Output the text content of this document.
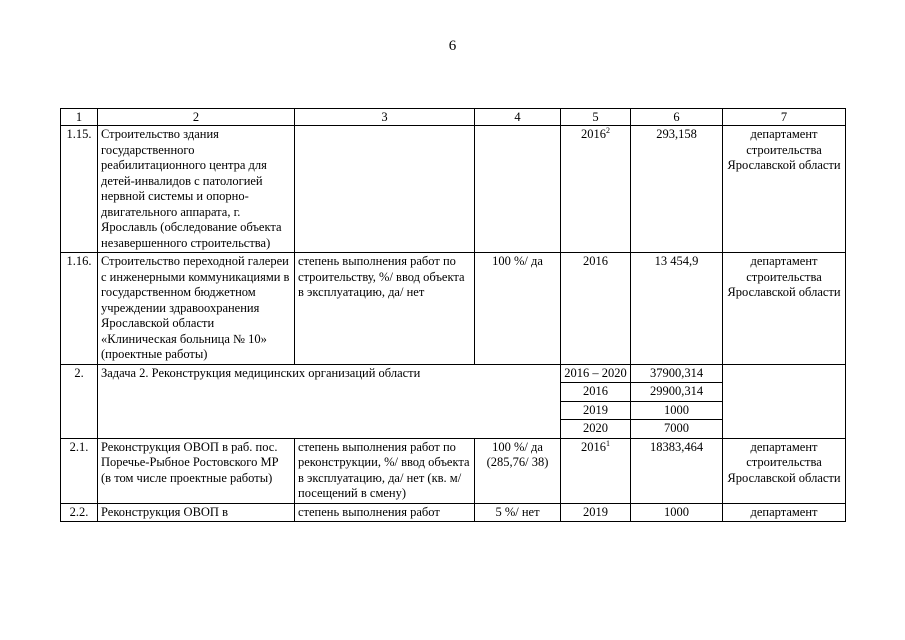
6
1	2	3	4	5	6	7
1.15.	Строительство здания государственного реабилитационного центра для детей-инвалидов с патологией нервной системы и опорно-двигательного аппарата, г. Ярославль (обследование объекта незавершенного строительства)			2016$^2$	293,158	департамент строительства Ярославской области
1.16.	Строительство переходной галереи с инженерными коммуникациями в государственном бюджетном учреждении здравоохранения Ярославской области «Клиническая больница № 10» (проектные работы)	степень выполнения работ по строительству, %/ ввод объекта в эксплуатацию, да/ нет	100 %/ да	2016	13 454,9	департамент строительства Ярославской области
2.	Задача 2. Реконструкция медицинских организаций области			2016 – 2020	37900,314	
				2016	29900,314	
				2019	1000	
				2020	7000	
2.1.	Реконструкция ОВОП в раб. пос. Поречье-Рыбное Ростовского МР (в том числе проектные работы)	степень выполнения работ по реконструкции, %/ ввод объекта в эксплуатацию, да/ нет (кв. м/ посещений в смену)	100 %/ да (285,76/ 38)	2016$^1$	18383,464	департамент строительства Ярославской области
2.2.	Реконструкция ОВОП в	степень выполнения работ	5 %/ нет	2019	1000	департамент
